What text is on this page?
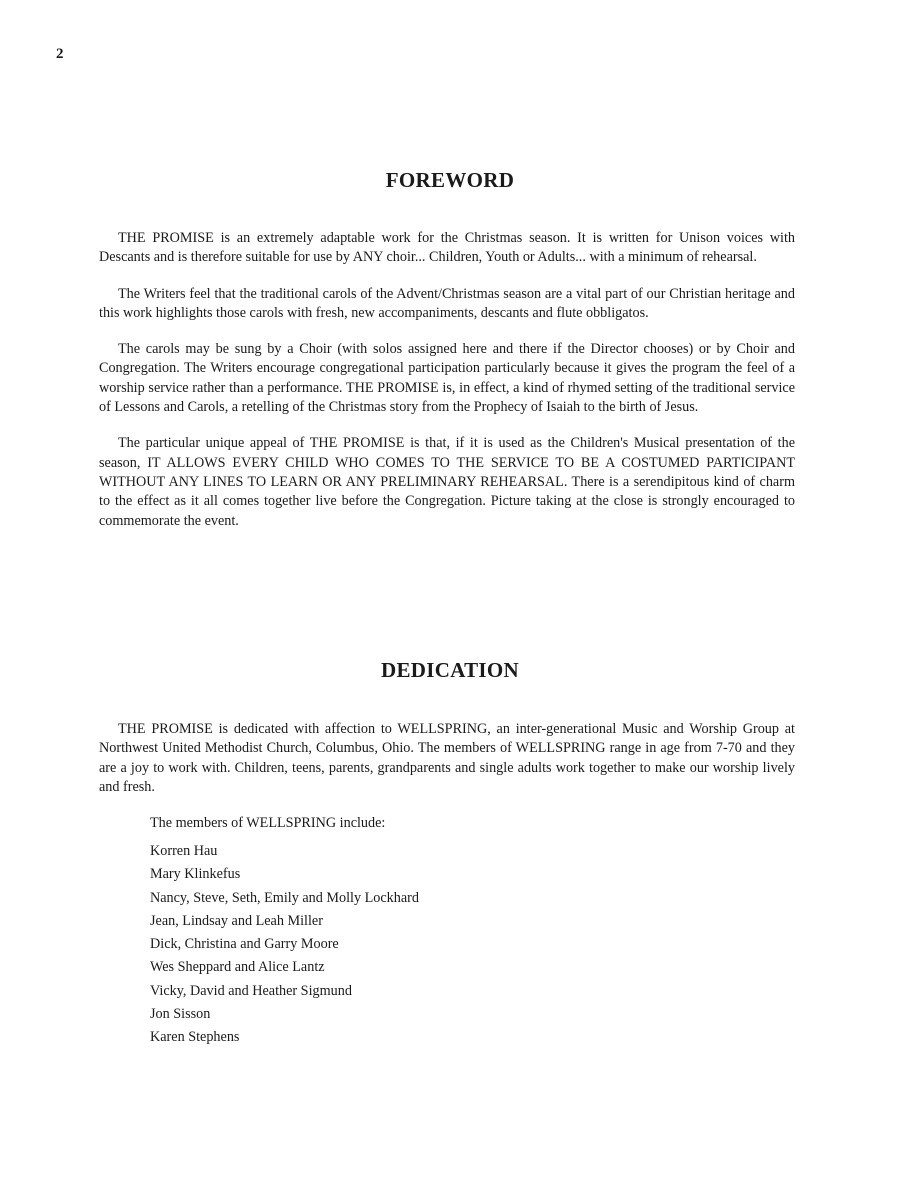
2
FOREWORD

THE PROMISE is an extremely adaptable work for the Christmas season. It is written for Unison voices with Descants and is therefore suitable for use by ANY choir... Children, Youth or Adults... with a minimum of rehearsal.

The Writers feel that the traditional carols of the Advent/Christmas season are a vital part of our Christian heritage and this work highlights those carols with fresh, new accompaniments, descants and flute obbligatos.

The carols may be sung by a Choir (with solos assigned here and there if the Director chooses) or by Choir and Congregation. The Writers encourage congregational participation particularly because it gives the program the feel of a worship service rather than a performance. THE PROMISE is, in effect, a kind of rhymed setting of the traditional service of Lessons and Carols, a retelling of the Christmas story from the Prophecy of Isaiah to the birth of Jesus.

The particular unique appeal of THE PROMISE is that, if it is used as the Children's Musical presentation of the season, IT ALLOWS EVERY CHILD WHO COMES TO THE SERVICE TO BE A COSTUMED PARTICIPANT WITHOUT ANY LINES TO LEARN OR ANY PRELIMINARY REHEARSAL. There is a serendipitous kind of charm to the effect as it all comes together live before the Congregation. Picture taking at the close is strongly encouraged to commemorate the event.

DEDICATION

THE PROMISE is dedicated with affection to WELLSPRING, an inter-generational Music and Worship Group at Northwest United Methodist Church, Columbus, Ohio. The members of WELLSPRING range in age from 7-70 and they are a joy to work with. Children, teens, parents, grandparents and single adults work together to make our worship lively and fresh.

The members of WELLSPRING include:
Korren Hau
Mary Klinkefus
Nancy, Steve, Seth, Emily and Molly Lockhard
Jean, Lindsay and Leah Miller
Dick, Christina and Garry Moore
Wes Sheppard and Alice Lantz
Vicky, David and Heather Sigmund
Jon Sisson
Karen Stephens
